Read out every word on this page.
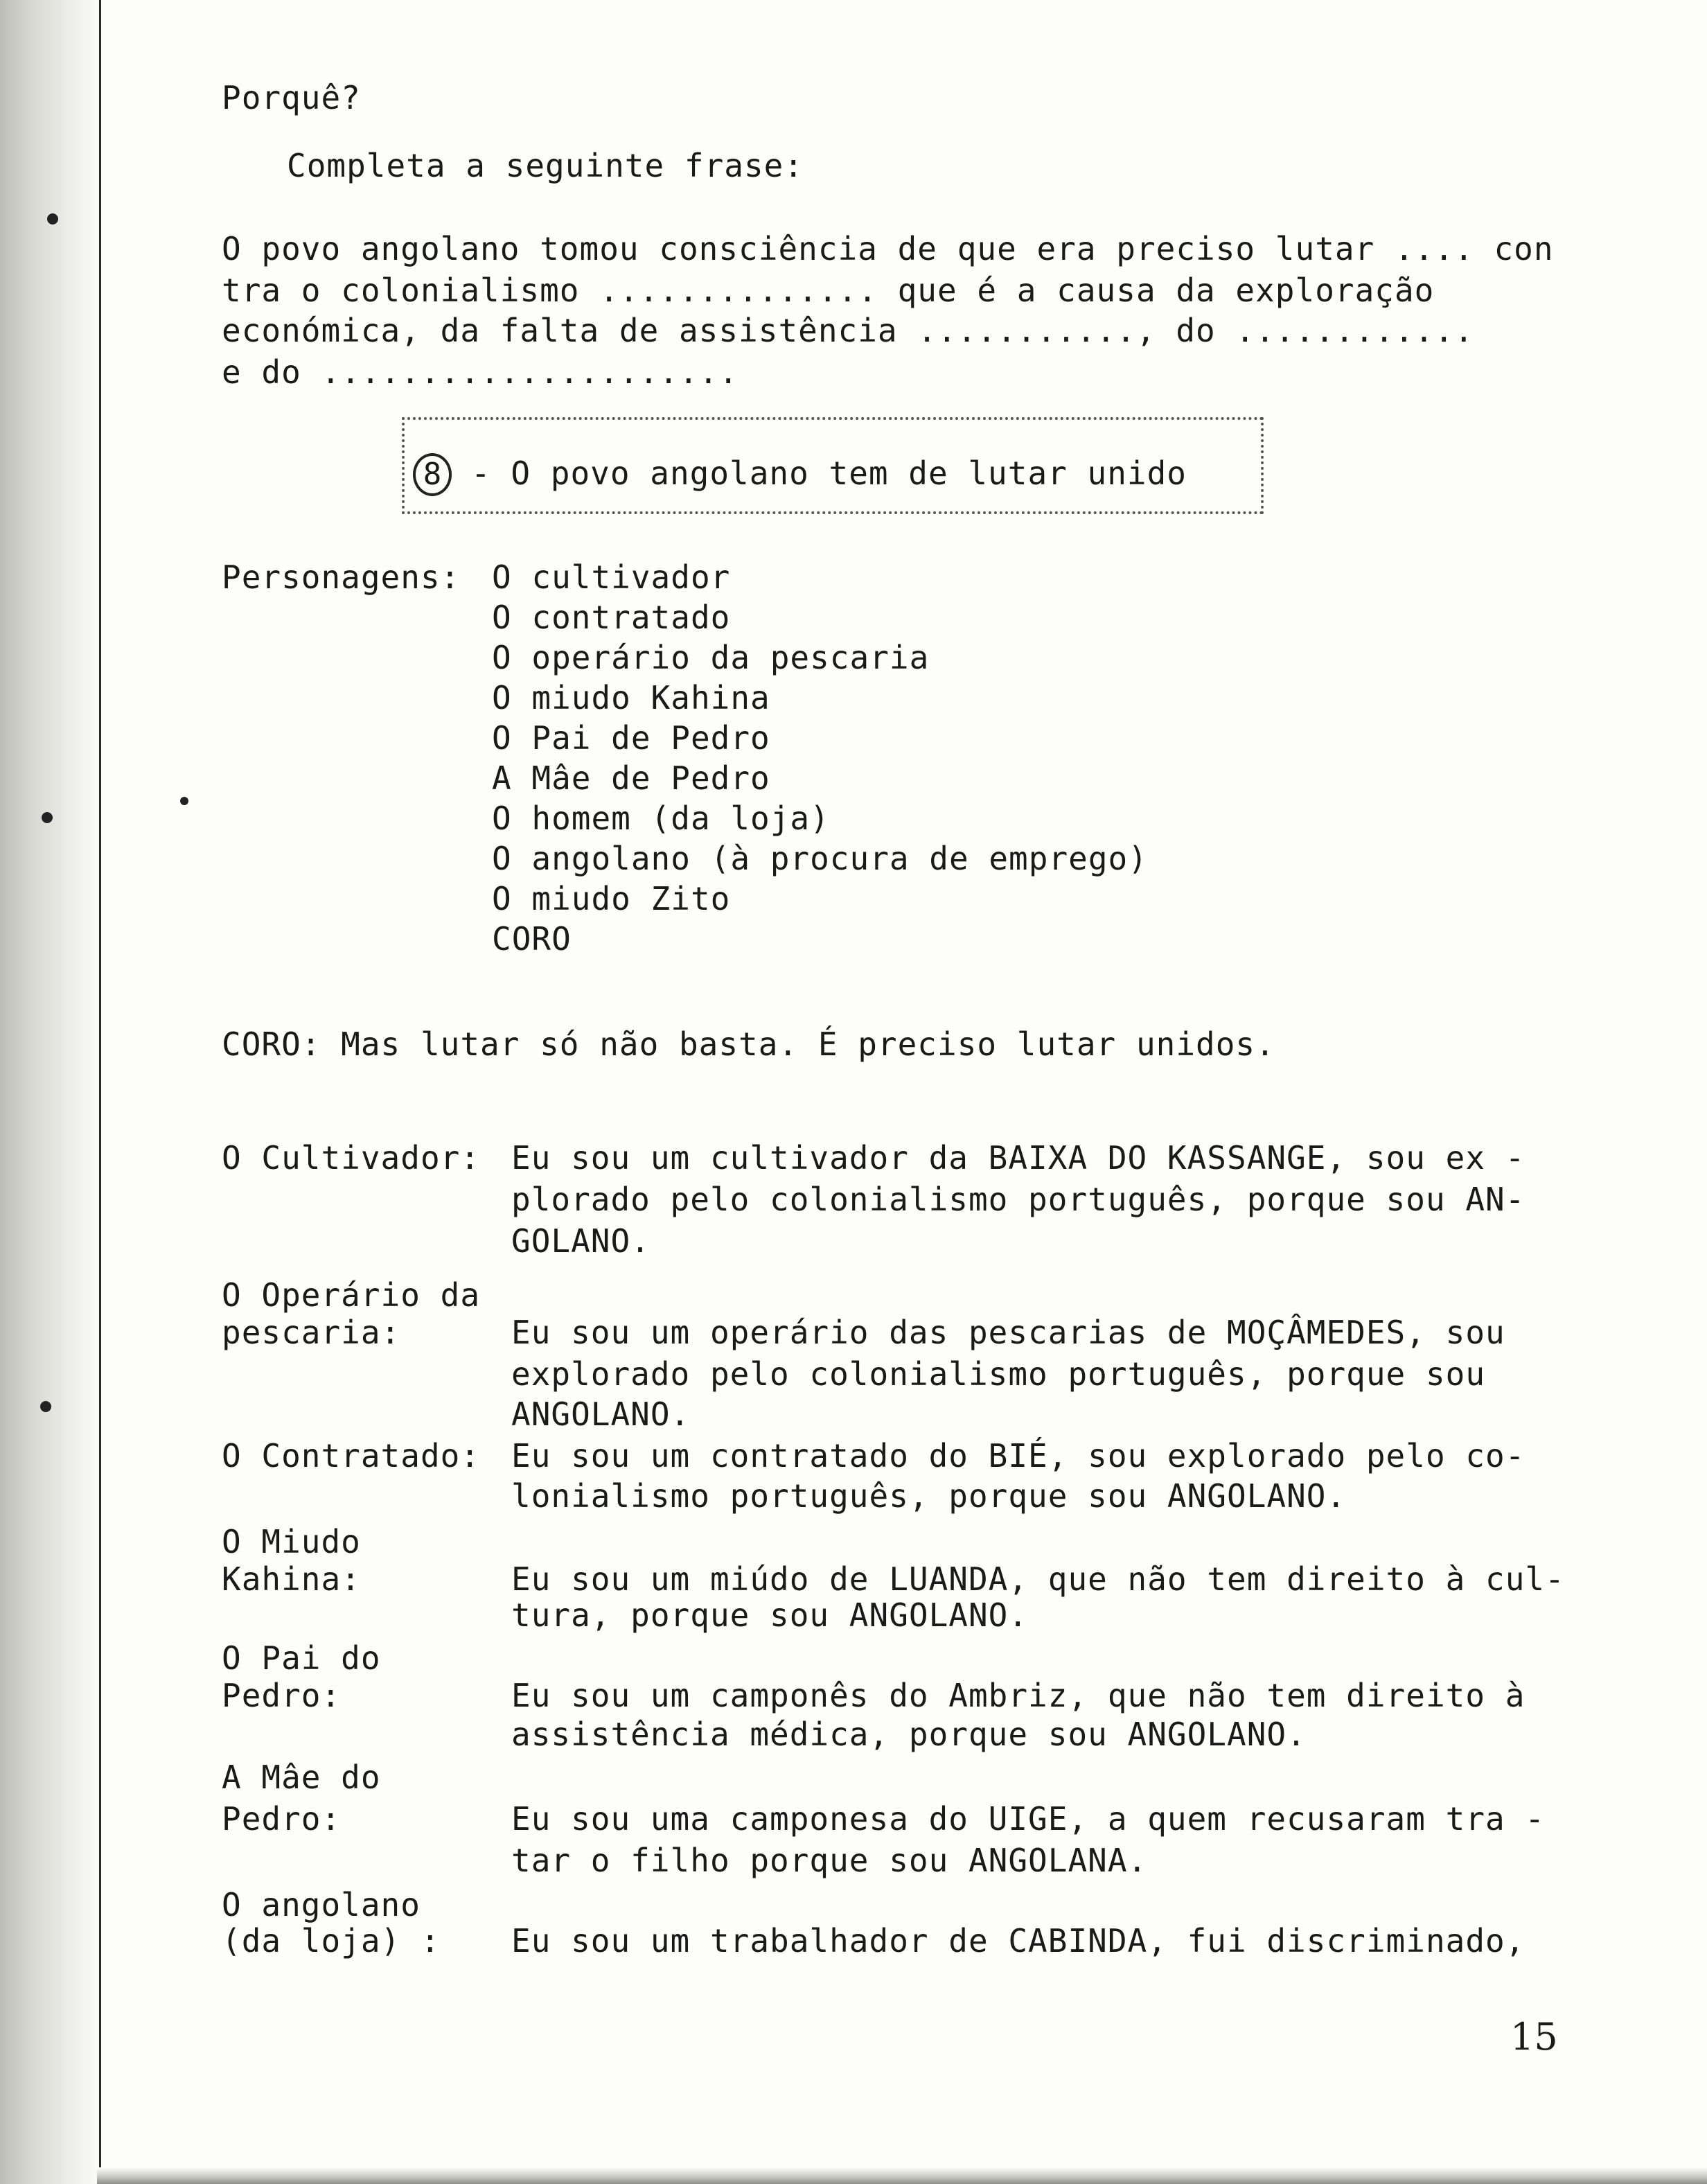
Porquê?
Completa a seguinte frase:
O povo angolano tomou consciência de que era preciso lutar .... con
tra o colonialismo .............. que é a causa da exploração
económica, da falta de assistência ..........., do ............
e do .....................
8 - O povo angolano tem de lutar unido
Personagens: O cultivador
O contratado
O operário da pescaria
O miudo Kahina
O Pai de Pedro
A Mâe de Pedro
O homem (da loja)
O angolano (à procura de emprego)
O miudo Zito
CORO
CORO: Mas lutar só não basta. É preciso lutar unidos.
O Cultivador: Eu sou um cultivador da BAIXA DO KASSANGE, sou ex -
plorado pelo colonialismo português, porque sou AN-
GOLANO.
O Operário da
pescaria:	Eu sou um operário das pescarias de MOÇÂMEDES, sou
explorado pelo colonialismo português, porque sou
ANGOLANO.
O Contratado: Eu sou um contratado do BIÉ, sou explorado pelo co-
lonialismo português, porque sou ANGOLANO.
O Miudo
Kahina:	Eu sou um miúdo de LUANDA, que não tem direito à cul-
tura, porque sou ANGOLANO.
O Pai do
Pedro:	Eu sou um camponês do Ambriz, que não tem direito à
assistência médica, porque sou ANGOLANO.
A Mâe do
Pedro:	Eu sou uma camponesa do UIGE, a quem recusaram tra -
tar o filho porque sou ANGOLANA.
O angolano
(da loja) : Eu sou um trabalhador de CABINDA, fui discriminado,
15
